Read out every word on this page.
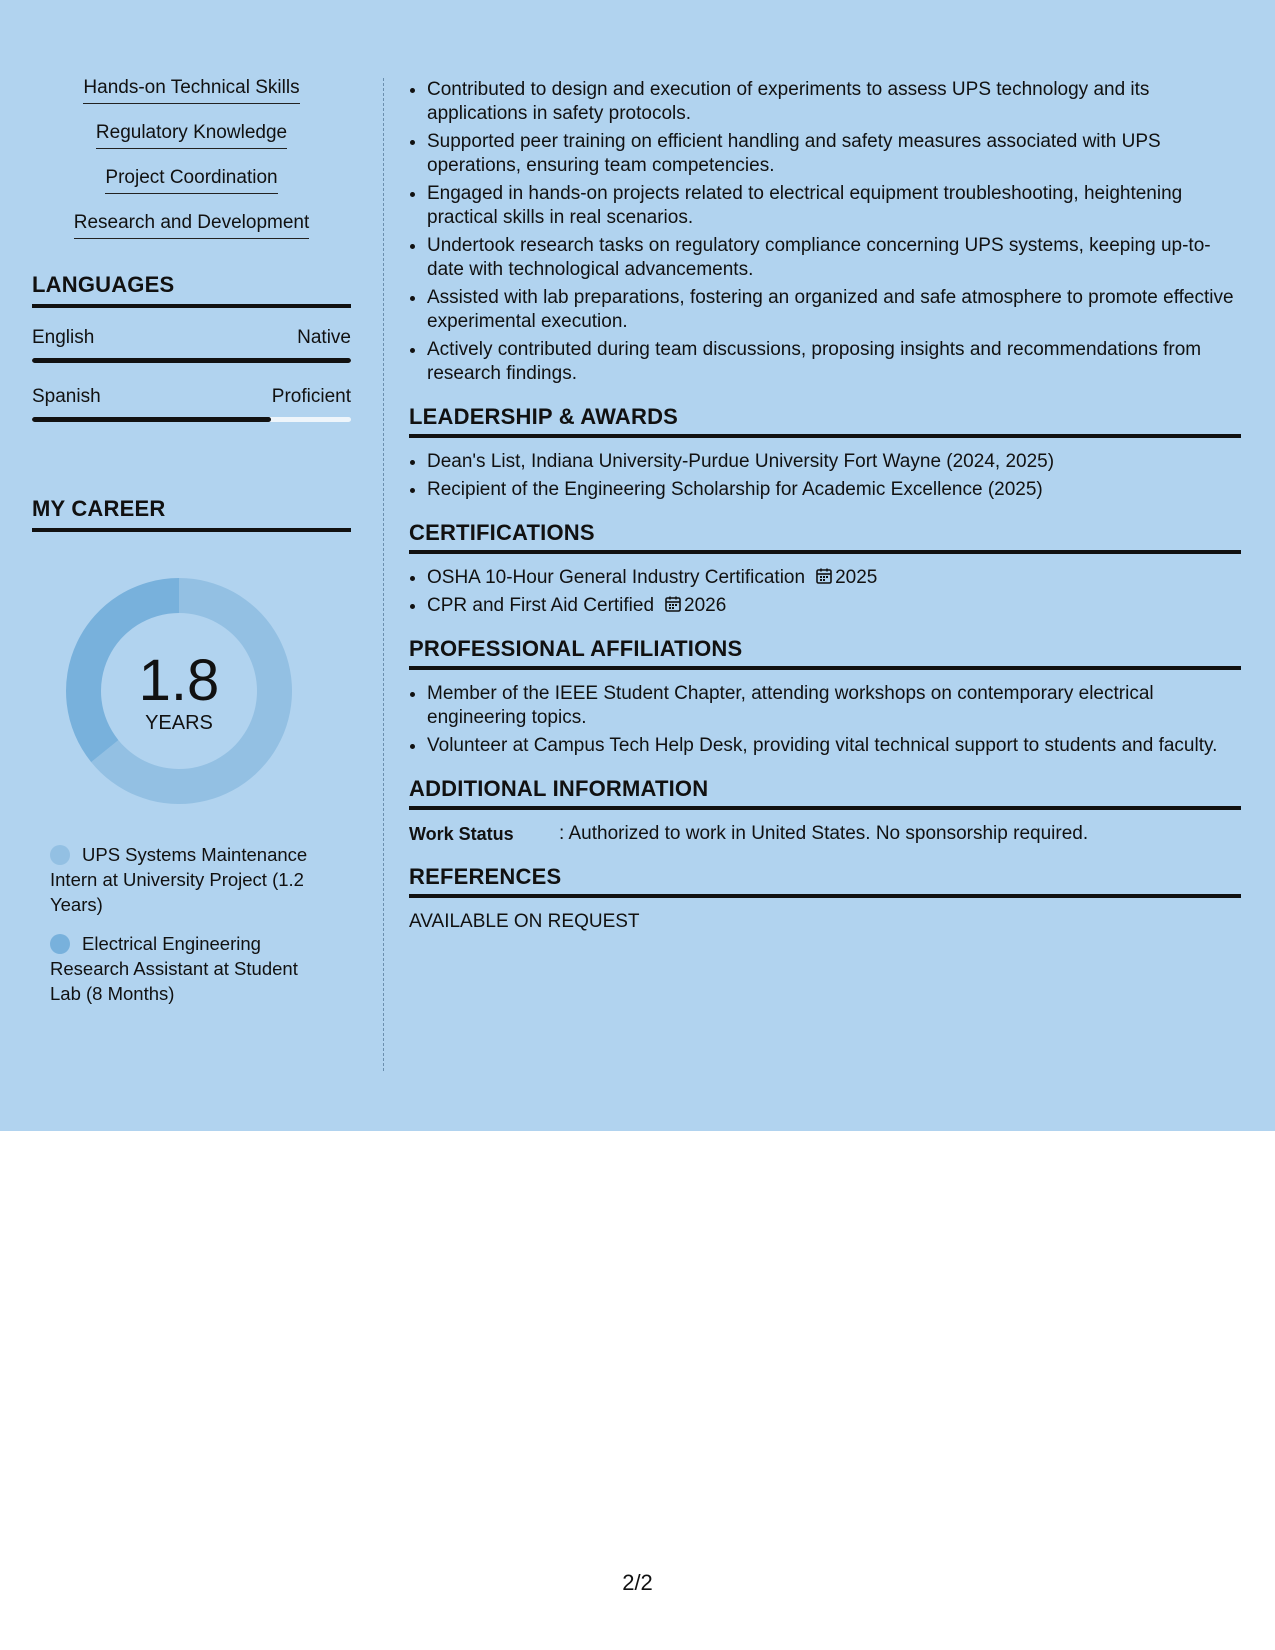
Hands-on Technical Skills
Regulatory Knowledge
Project Coordination
Research and Development
LANGUAGES
English	Native
Spanish	Proficient
MY CAREER
1.8
YEARS
UPS Systems Maintenance Intern at University Project (1.2 Years)
Electrical Engineering Research Assistant at Student Lab (8 Months)
• Contributed to design and execution of experiments to assess UPS technology and its applications in safety protocols.
• Supported peer training on efficient handling and safety measures associated with UPS operations, ensuring team competencies.
• Engaged in hands-on projects related to electrical equipment troubleshooting, heightening practical skills in real scenarios.
• Undertook research tasks on regulatory compliance concerning UPS systems, keeping up-to-date with technological advancements.
• Assisted with lab preparations, fostering an organized and safe atmosphere to promote effective experimental execution.
• Actively contributed during team discussions, proposing insights and recommendations from research findings.
LEADERSHIP & AWARDS
• Dean's List, Indiana University-Purdue University Fort Wayne (2024, 2025)
• Recipient of the Engineering Scholarship for Academic Excellence (2025)
CERTIFICATIONS
• OSHA 10-Hour General Industry Certification 2025
• CPR and First Aid Certified 2026
PROFESSIONAL AFFILIATIONS
• Member of the IEEE Student Chapter, attending workshops on contemporary electrical engineering topics.
• Volunteer at Campus Tech Help Desk, providing vital technical support to students and faculty.
ADDITIONAL INFORMATION
Work Status	: Authorized to work in United States. No sponsorship required.
REFERENCES
AVAILABLE ON REQUEST
2/2
